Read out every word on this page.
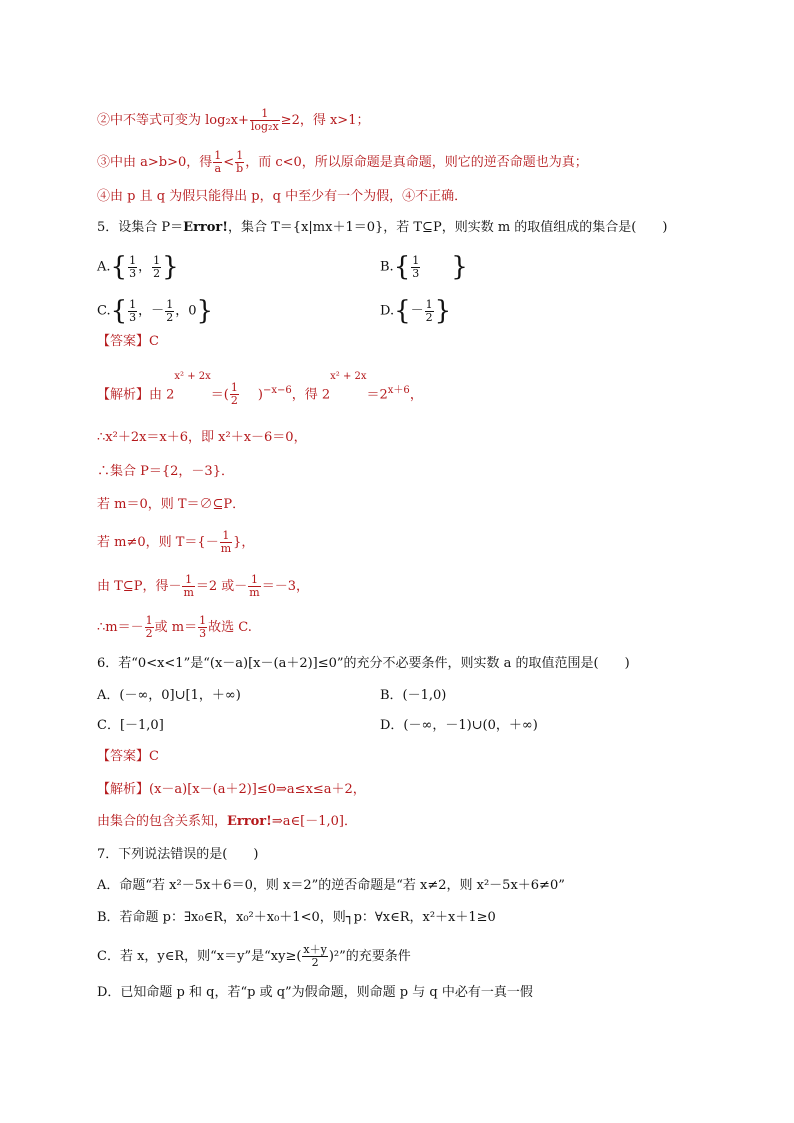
②中不等式可变为 $\log_2x+ \frac{1}{\text{log₂x}} \ge 2$，得 x>1；
③中由 a>b>0，得 $\frac{1}{a} < \frac{1}{b}$ ，而 c<0，所以原命题是真命题，则它的逆否命题也为真；
④由 p 且 q 为假只能得出 p，q 中至少有一个为假，④不正确．
5．设集合 P＝Error!，集合 T＝{x|mx＋1＝0}，若 T⊆P，则实数 m 的取值组成的集合是(　　)
$A.\{ \frac{1}{3}$ ， $\frac{1}{2}$ }	$B.\{ \frac{1}{3}$ }
$C.\{ \frac{1}{3}$ ，－ $\frac{1}{2}$ ，0}	$D.\{- \frac{1}{2}$ }
【答案】C
【解析】由 $2^{x^2 + 2x}=( \frac{1}{2} )^{-x-6}$，得 $2^{x^2 + 2x}=2^{x+6}$，
∴x²＋2x＝x＋6，即 x²＋x－6＝0，
∴集合 P＝{2，－3}．
若 m＝0，则 T＝∅⊆P．
若 m≠0，则 $T=\{- \frac{1}{m}$ }，
由 T⊆P，得－ $\frac{1}{m} =2$ 或－ $\frac{1}{m} =-3$，
∴m＝－ $\frac{1}{2}$ 或 $m= \frac{1}{3}$ 故选 C.
6．若“0<x<1”是“(x－a)[x－(a＋2)]≤0”的充分不必要条件，则实数 a 的取值范围是(　　)
A．(－∞，0]∪[1，＋∞)	B．(－1,0)
C．[－1,0]	D．(－∞，－1)∪(0，＋∞)
【答案】C
【解析】(x－a)[x－(a＋2)]≤0⇒a≤x≤a＋2，
由集合的包含关系知，Error!⇒a∈[－1,0]．
7．下列说法错误的是(　　)
A．命题“若 x²－5x＋6＝0，则 x＝2”的逆否命题是“若 x≠2，则 x²－5x＋6≠0”
B．若命题 p：∃x₀∈R，x₀²＋x₀＋1<0，则┐p：∀x∈R，x²＋x＋1≥0
C．若 x，y∈R，则“x＝y”是“$xy\ge( \frac{x+y}{2} )^2$”的充要条件
D．已知命题 p 和 q，若“p 或 q”为假命题，则命题 p 与 q 中必有一真一假
